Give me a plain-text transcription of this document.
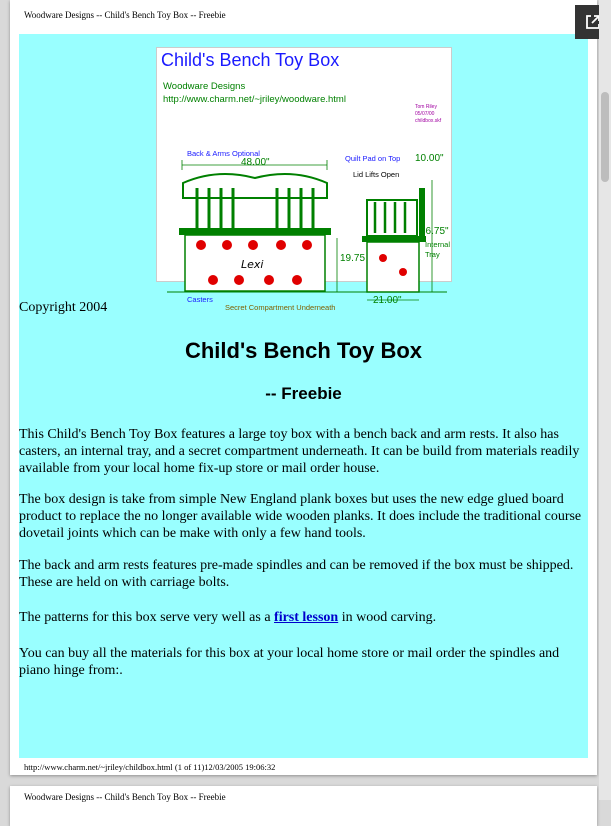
Woodware Designs -- Child's Bench Toy Box -- Freebie
Child's Bench Toy Box
Woodware Designs
http://www.charm.net/~jriley/woodware.html
Tom Riley
05/07/00
childbox.skf
Lexi
Back & Arms Optional
48.00"	Quilt Pad on Top 10.00"
Lid Lifts Open
36.75"
Internal Tray
19.75
Casters
Secret Compartment Underneath
21.00"
Copyright 2004
Child's Bench Toy Box
-- Freebie

This Child's Bench Toy Box features a large toy box with a bench back and arm rests. It also has casters, an internal tray, and a secret compartment underneath. It can be build from materials readily available from your local home fix-up store or mail order house.

The box design is take from simple New England plank boxes but uses the new edge glued board product to replace the no longer available wide wooden planks. It does include the traditional course dovetail joints which can be make with only a few hand tools.

The back and arm rests features pre-made spindles and can be removed if the box must be shipped. These are held on with carriage bolts.

The patterns for this box serve very well as a first lesson in wood carving.

You can buy all the materials for this box at your local home store or mail order the spindles and piano hinge from:.

http://www.charm.net/~jriley/childbox.html (1 of 11)12/03/2005 19:06:32
Woodware Designs -- Child's Bench Toy Box -- Freebie
